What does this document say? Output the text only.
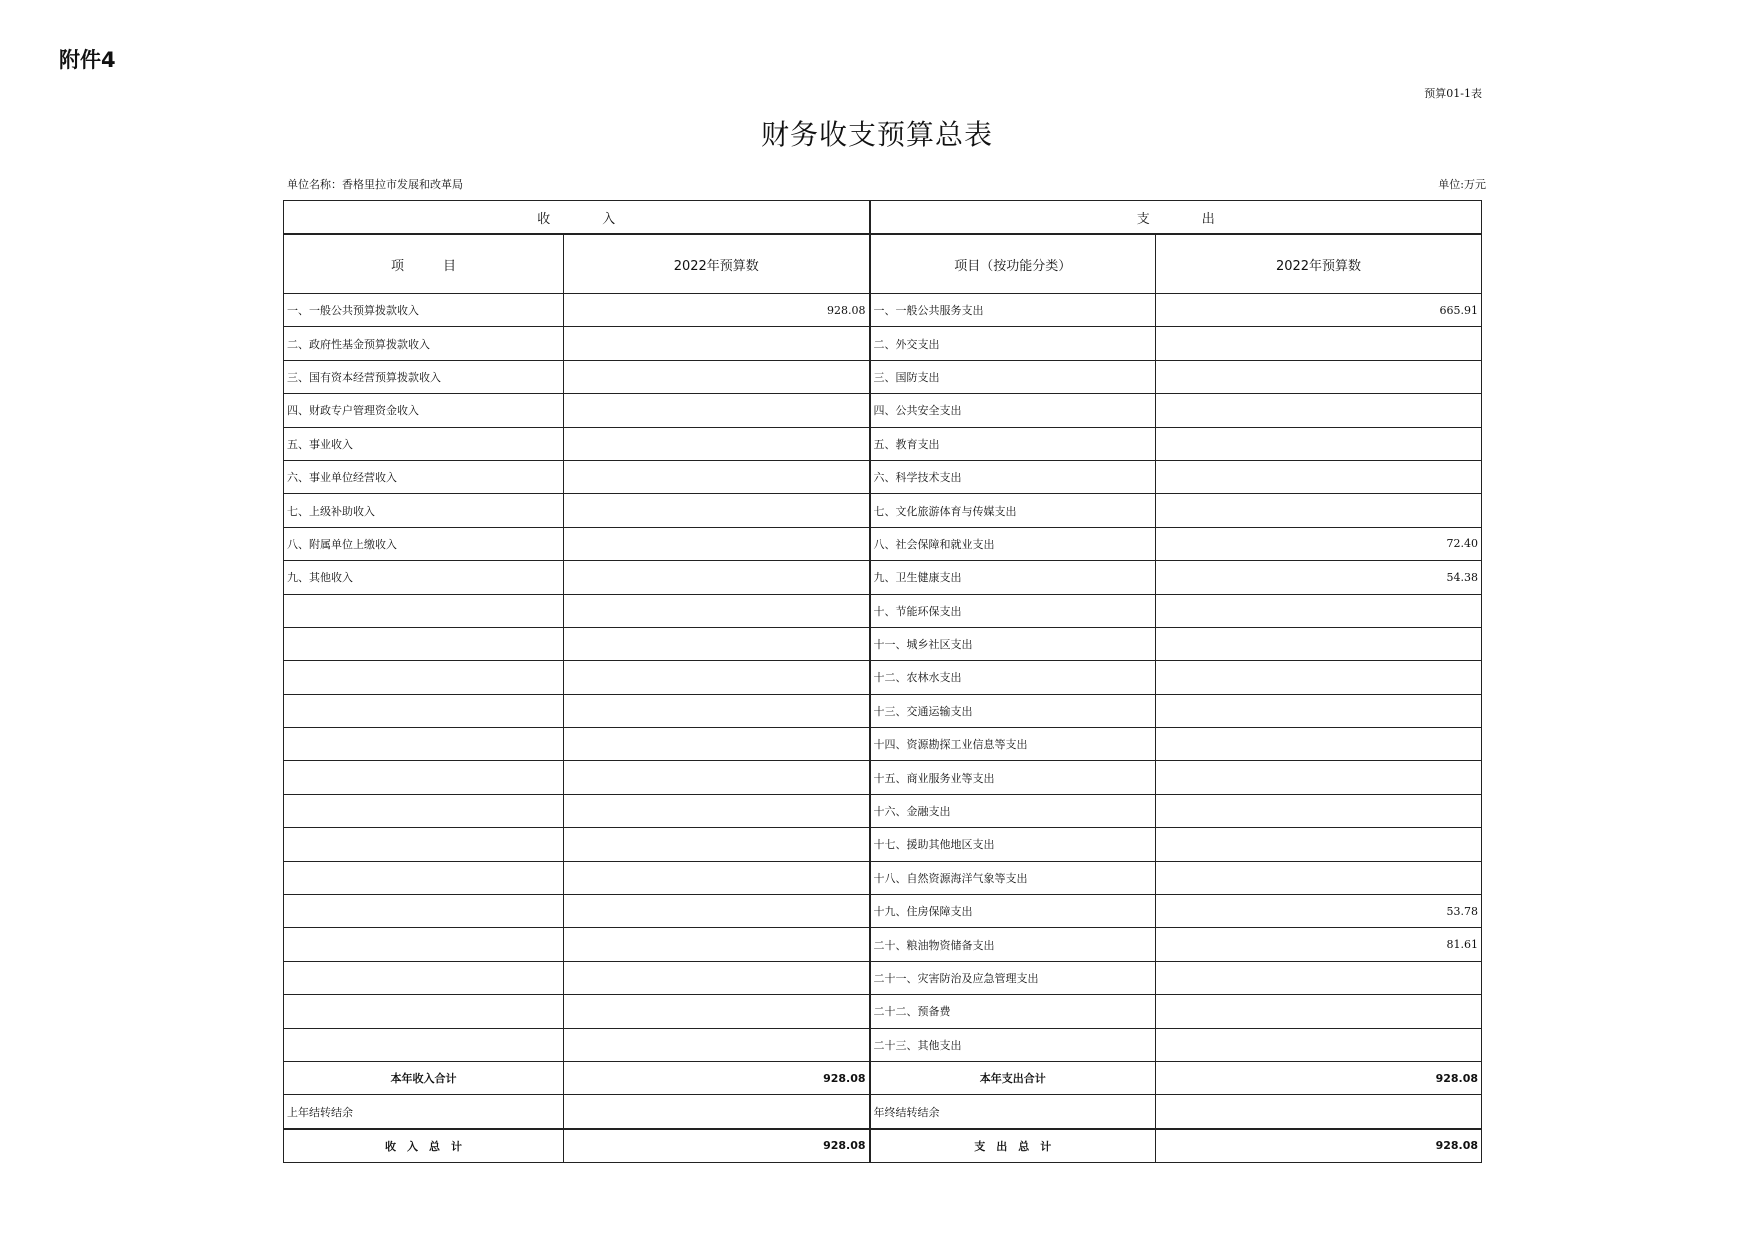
附件4
预算01-1表
财务收支预算总表
单位名称：香格里拉市发展和改革局	单位:万元
收　　　　入		支　　　　出	
项　　　目	2022年预算数	项目（按功能分类）	2022年预算数
一、一般公共预算拨款收入	928.08	一、一般公共服务支出	665.91
二、政府性基金预算拨款收入		二、外交支出	
三、国有资本经营预算拨款收入		三、国防支出	
四、财政专户管理资金收入		四、公共安全支出	
五、事业收入		五、教育支出	
六、事业单位经营收入		六、科学技术支出	
七、上级补助收入		七、文化旅游体育与传媒支出	
八、附属单位上缴收入		八、社会保障和就业支出	72.40
九、其他收入		九、卫生健康支出	54.38
		十、节能环保支出	
		十一、城乡社区支出	
		十二、农林水支出	
		十三、交通运输支出	
		十四、资源勘探工业信息等支出	
		十五、商业服务业等支出	
		十六、金融支出	
		十七、援助其他地区支出	
		十八、自然资源海洋气象等支出	
		十九、住房保障支出	53.78
		二十、粮油物资储备支出	81.61
		二十一、灾害防治及应急管理支出	
		二十二、预备费	
		二十三、其他支出	
本年收入合计	928.08	本年支出合计	928.08
上年结转结余		年终结转结余	
收　入　总　计	928.08	支　出　总　计	928.08
